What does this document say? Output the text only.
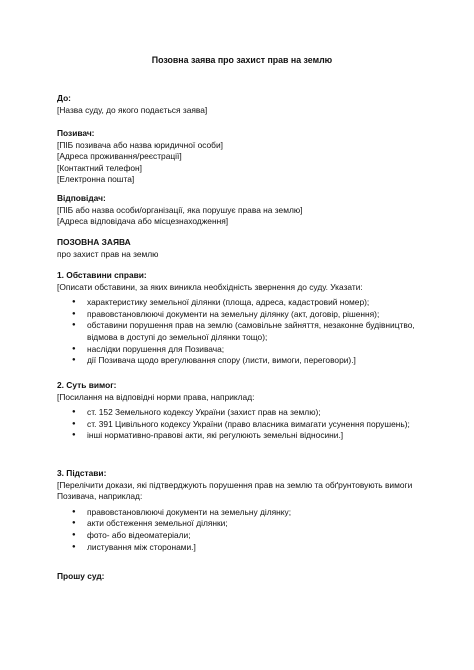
Позовна заява про захист прав на землю
До:
[Назва суду, до якого подається заява]
Позивач:
[ПІБ позивача або назва юридичної особи]
[Адреса проживання/реєстрації]
[Контактний телефон]
[Електронна пошта]
Відповідач:
[ПІБ або назва особи/організації, яка порушує права на землю]
[Адреса відповідача або місцезнаходження]
ПОЗОВНА ЗАЯВА
про захист прав на землю
1. Обставини справи:
[Описати обставини, за яких виникла необхідність звернення до суду. Указати:
● характеристику земельної ділянки (площа, адреса, кадастровий номер);
● правовстановлюючі документи на земельну ділянку (акт, договір, рішення);
● обставини порушення прав на землю (самовільне зайняття, незаконне будівництво, відмова в доступі до земельної ділянки тощо);
● наслідки порушення для Позивача;
● дії Позивача щодо врегулювання спору (листи, вимоги, переговори).]
2. Суть вимог:
[Посилання на відповідні норми права, наприклад:
● ст. 152 Земельного кодексу України (захист прав на землю);
● ст. 391 Цивільного кодексу України (право власника вимагати усунення порушень);
● інші нормативно-правові акти, які регулюють земельні відносини.]
3. Підстави:
[Перелічити докази, які підтверджують порушення прав на землю та обґрунтовують вимоги Позивача, наприклад:
● правовстановлюючі документи на земельну ділянку;
● акти обстеження земельної ділянки;
● фото- або відеоматеріали;
● листування між сторонами.]
Прошу суд:
